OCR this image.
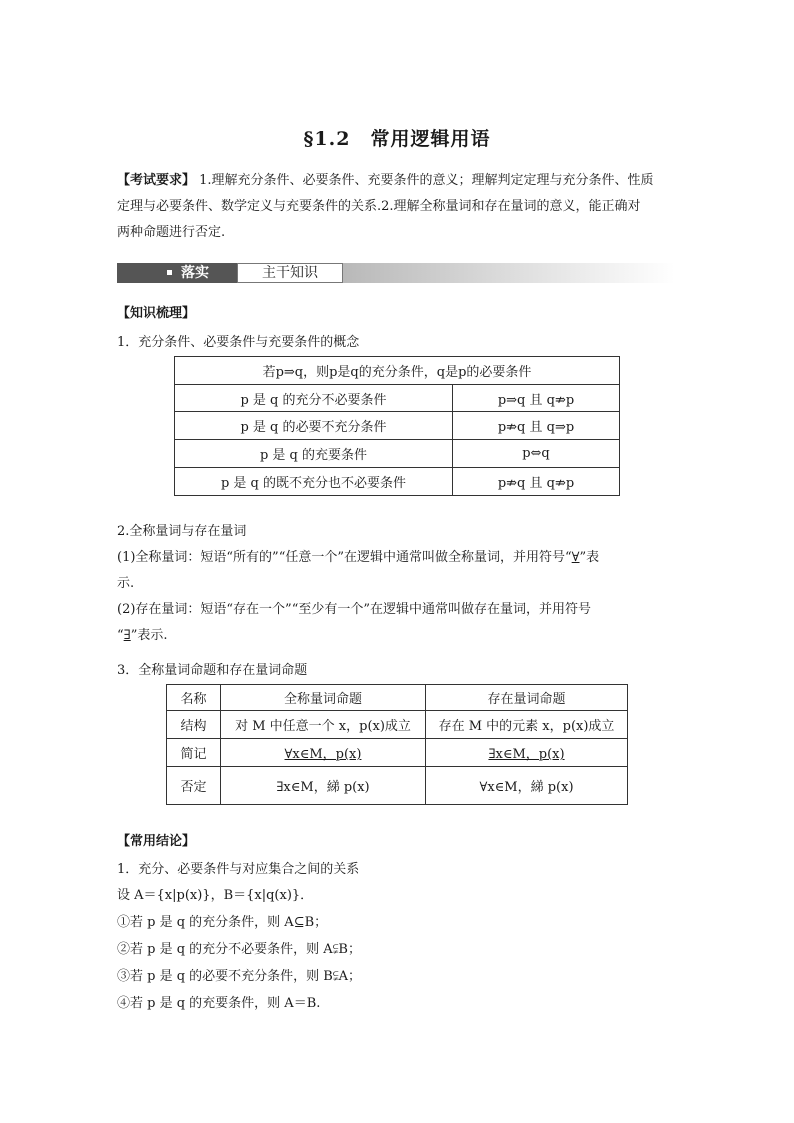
§1.2　常用逻辑用语
【考试要求】 1.理解充分条件、必要条件、充要条件的意义；理解判定定理与充分条件、性质
定理与必要条件、数学定义与充要条件的关系.2.理解全称量词和存在量词的意义，能正确对
两种命题进行否定.
落实	主干知识
【知识梳理】
1．充分条件、必要条件与充要条件的概念
若p⇒q，则p是q的充分条件，q是p的必要条件	
p 是 q 的充分不必要条件	p⇒q 且 q⇏p
p 是 q 的必要不充分条件	p⇏q 且 q⇒p
p 是 q 的充要条件	p⇔q
p 是 q 的既不充分也不必要条件	p⇏q 且 q⇏p
2.全称量词与存在量词
(1)全称量词：短语“所有的”“任意一个”在逻辑中通常叫做全称量词，并用符号“∀”表
示.
(2)存在量词：短语“存在一个”“至少有一个”在逻辑中通常叫做存在量词，并用符号
“∃”表示.
3．全称量词命题和存在量词命题
名称	全称量词命题	存在量词命题
结构	对 M 中任意一个 x，p(x)成立	存在 M 中的元素 x，p(x)成立
简记	∀x∈M，p(x)	∃x∈M，p(x)
否定	∃x∈M，綈 p(x)	∀x∈M，綈 p(x)
【常用结论】
1．充分、必要条件与对应集合之间的关系
设 A＝{x|p(x)}，B＝{x|q(x)}．
①若 p 是 q 的充分条件，则 A⊆B；
②若 p 是 q 的充分不必要条件，则 A⫋B；
③若 p 是 q 的必要不充分条件，则 B⫋A；
④若 p 是 q 的充要条件，则 A＝B.
